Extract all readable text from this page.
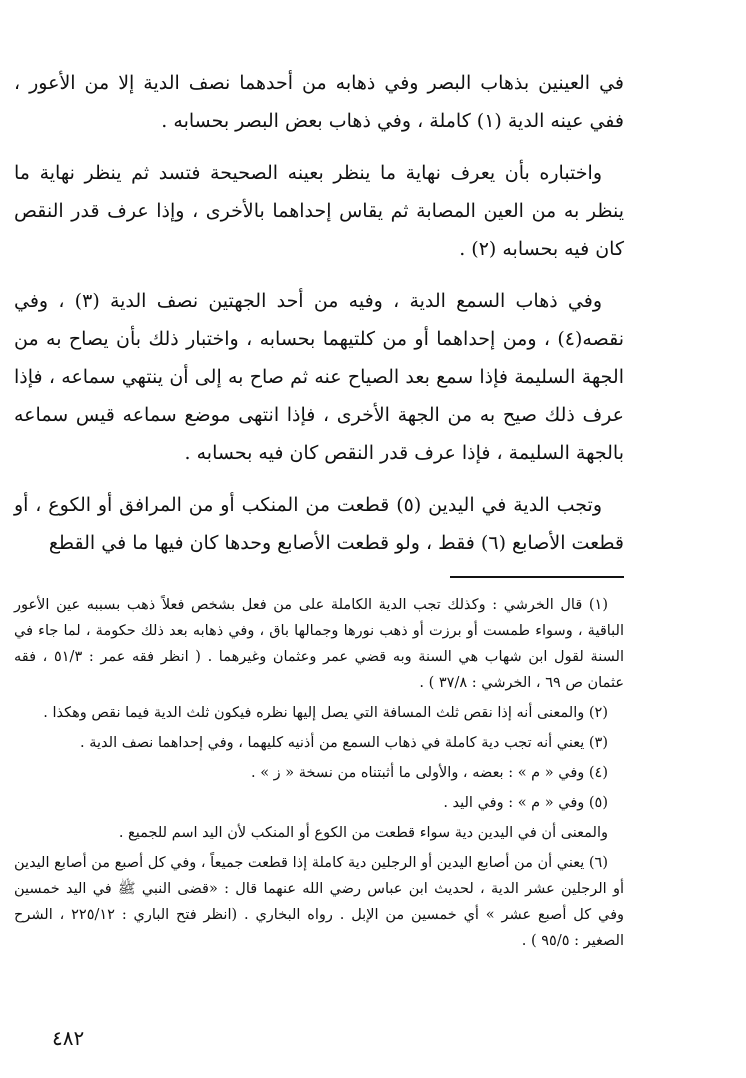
في العينين بذهاب البصر وفي ذهابه من أحدهما نصف الدية إلا من الأعور ، ففي عينه الدية (١) كاملة ، وفي ذهاب بعض البصر بحسابه .

واختباره بأن يعرف نهاية ما ينظر بعينه الصحيحة فتسد ثم ينظر نهاية ما ينظر به من العين المصابة ثم يقاس إحداهما بالأخرى ، وإذا عرف قدر النقص كان فيه بحسابه (٢) .

وفي ذهاب السمع الدية ، وفيه من أحد الجهتين نصف الدية (٣) ، وفي نقصه(٤) ، ومن إحداهما أو من كلتيهما بحسابه ، واختبار ذلك بأن يصاح به من الجهة السليمة فإذا سمع بعد الصياح عنه ثم صاح به إلى أن ينتهي سماعه ، فإذا عرف ذلك صيح به من الجهة الأخرى ، فإذا انتهى موضع سماعه قيس سماعه بالجهة السليمة ، فإذا عرف قدر النقص كان فيه بحسابه .

وتجب الدية في اليدين (٥) قطعت من المنكب أو من المرافق أو الكوع ، أو قطعت الأصابع (٦) فقط ، ولو قطعت الأصابع وحدها كان فيها ما في القطع

(١) قال الخرشي : وكذلك تجب الدية الكاملة على من فعل بشخص فعلاً ذهب بسببه عين الأعور الباقية ، وسواء طمست أو برزت أو ذهب نورها وجمالها باق ، وفي ذهابه بعد ذلك حكومة ، لما جاء في السنة لقول ابن شهاب هي السنة وبه قضي عمر وعثمان وغيرهما . ( انظر فقه عمر : ٥١/٣ ، فقه عثمان ص ٦٩ ، الخرشي : ٣٧/٨ ) .

(٢) والمعنى أنه إذا نقص ثلث المسافة التي يصل إليها نظره فيكون ثلث الدية فيما نقص وهكذا .

(٣) يعني أنه تجب دية كاملة في ذهاب السمع من أذنيه كليهما ، وفي إحداهما نصف الدية .

(٤) وفي « م » : بعضه ، والأولى ما أثبتناه من نسخة « ز » .

(٥) وفي « م » : وفي اليد .

والمعنى أن في اليدين دية سواء قطعت من الكوع أو المنكب لأن اليد اسم للجميع .

(٦) يعني أن من أصابع اليدين أو الرجلين دية كاملة إذا قطعت جميعاً ، وفي كل أصبع من أصابع اليدين أو الرجلين عشر الدية ، لحديث ابن عباس رضي الله عنهما قال : «قضى النبي ﷺ في اليد خمسين وفي كل أصبع عشر » أي خمسين من الإبل . رواه البخاري . (انظر فتح الباري : ٢٢٥/١٢ ، الشرح الصغير : ٩٥/٥ ) .

٤٨٢
